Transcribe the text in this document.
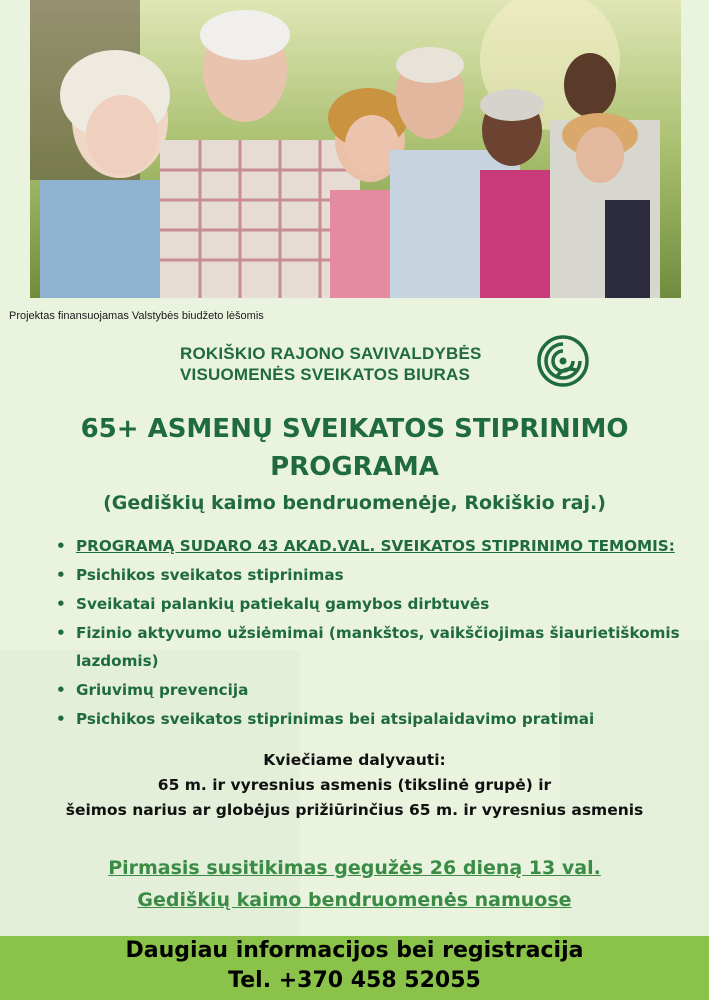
Projektas finansuojamas Valstybės biudžeto lėšomis
ROKIŠKIO RAJONO SAVIVALDYBĖS
VISUOMENĖS SVEIKATOS BIURAS
65+ ASMENŲ SVEIKATOS STIPRINIMO
PROGRAMA
(Gediškių kaimo bendruomenėje, Rokiškio raj.)
• PROGRAMĄ SUDARO 43 AKAD.VAL. SVEIKATOS STIPRINIMO TEMOMIS:
• Psichikos sveikatos stiprinimas
• Sveikatai palankių patiekalų gamybos dirbtuvės
• Fizinio aktyvumo užsiėmimai (mankštos, vaikščiojimas šiaurietiškomis lazdomis)
• Griuvimų prevencija
• Psichikos sveikatos stiprinimas bei atsipalaidavimo pratimai
Kviečiame dalyvauti:
65 m. ir vyresnius asmenis (tikslinė grupė) ir
šeimos narius ar globėjus prižiūrinčius 65 m. ir vyresnius asmenis
Pirmasis susitikimas gegužės 26 dieną 13 val.
Gediškių kaimo bendruomenės namuose
Daugiau informacijos bei registracija
Tel. +370 458 52055
